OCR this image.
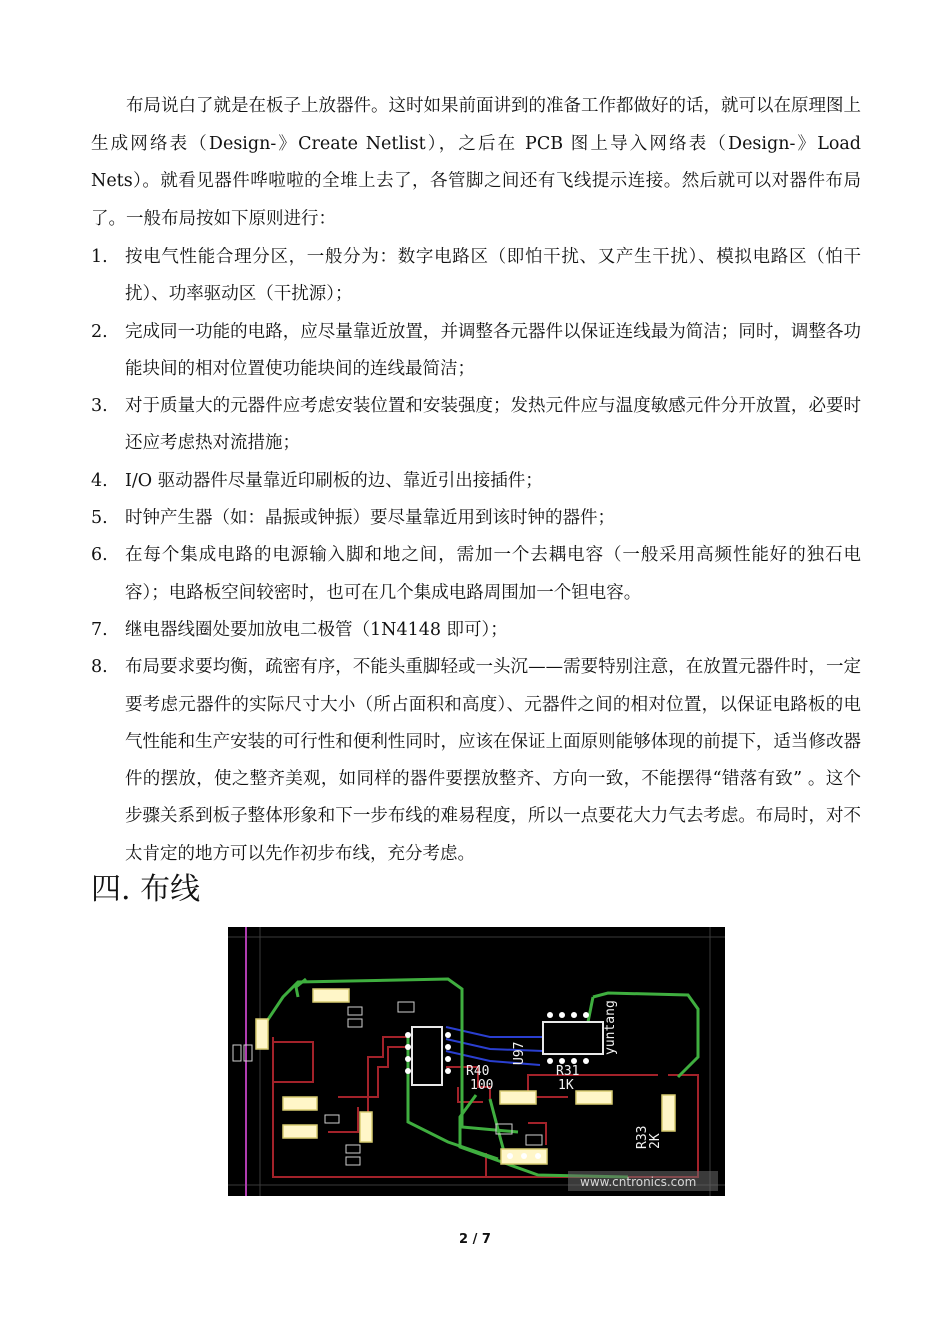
布局说白了就是在板子上放器件。这时如果前面讲到的准备工作都做好的话，就可以在原理图上生成网络表（Design-》Create Netlist），之后在 PCB 图上导入网络表（Design-》Load Nets）。就看见器件哗啦啦的全堆上去了，各管脚之间还有飞线提示连接。然后就可以对器件布局了。一般布局按如下原则进行：

1. 按电气性能合理分区，一般分为：数字电路区（即怕干扰、又产生干扰）、模拟电路区（怕干扰）、功率驱动区（干扰源）；
2. 完成同一功能的电路，应尽量靠近放置，并调整各元器件以保证连线最为简洁；同时，调整各功能块间的相对位置使功能块间的连线最简洁；
3. 对于质量大的元器件应考虑安装位置和安装强度；发热元件应与温度敏感元件分开放置，必要时还应考虑热对流措施；
4. I/O 驱动器件尽量靠近印刷板的边、靠近引出接插件；
5. 时钟产生器（如：晶振或钟振）要尽量靠近用到该时钟的器件；
6. 在每个集成电路的电源输入脚和地之间，需加一个去耦电容（一般采用高频性能好的独石电容）；电路板空间较密时，也可在几个集成电路周围加一个钽电容。
7. 继电器线圈处要加放电二极管（1N4148 即可）；
8. 布局要求要均衡，疏密有序，不能头重脚轻或一头沉——需要特别注意，在放置元器件时，一定要考虑元器件的实际尺寸大小（所占面积和高度）、元器件之间的相对位置，以保证电路板的电气性能和生产安装的可行性和便利性同时，应该在保证上面原则能够体现的前提下，适当修改器件的摆放，使之整齐美观，如同样的器件要摆放整齐、方向一致，不能摆得“错落有致” 。这个步骤关系到板子整体形象和下一步布线的难易程度，所以一点要花大力气去考虑。布局时，对不太肯定的地方可以先作初步布线，充分考虑。
四. 布线
R40
100
R31
1K
R33
2K
U97	yuntang
www.cntronics.com
2 / 7
